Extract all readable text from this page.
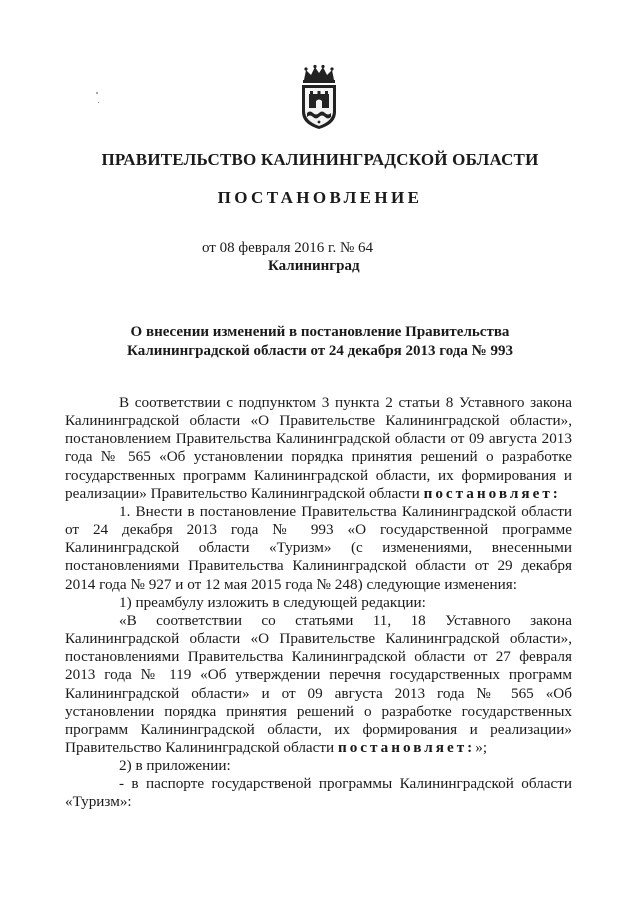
ПРАВИТЕЛЬСТВО КАЛИНИНГРАДСКОЙ ОБЛАСТИ
ПОСТАНОВЛЕНИЕ
от 08 февраля 2016 г. № 64
Калининград
О внесении изменений в постановление Правительства
Калининградской области от 24 декабря 2013 года № 993

В соответствии с подпунктом 3 пункта 2 статьи 8 Уставного закона Калининградской области «О Правительстве Калининградской области», постановлением Правительства Калининградской области от 09 августа 2013 года № 565 «Об установлении порядка принятия решений о разработке государственных программ Калининградской области, их формирования и реализации» Правительство Калининградской области постановляет:

1. Внести в постановление Правительства Калининградской области от 24 декабря 2013 года № 993 «О государственной программе Калининградской области «Туризм» (с изменениями, внесенными постановлениями Правительства Калининградской области от 29 декабря 2014 года № 927 и от 12 мая 2015 года № 248) следующие изменения:

1) преамбулу изложить в следующей редакции:

«В соответствии со статьями 11, 18 Уставного закона Калининградской области «О Правительстве Калининградской области», постановлениями Правительства Калининградской области от 27 февраля 2013 года № 119 «Об утверждении перечня государственных программ Калининградской области» и от 09 августа 2013 года № 565 «Об установлении порядка принятия решений о разработке государственных программ Калининградской области, их формирования и реализации» Правительство Калининградской области постановляет:»;

2) в приложении:

- в паспорте государственой программы Калининградской области «Туризм»:
